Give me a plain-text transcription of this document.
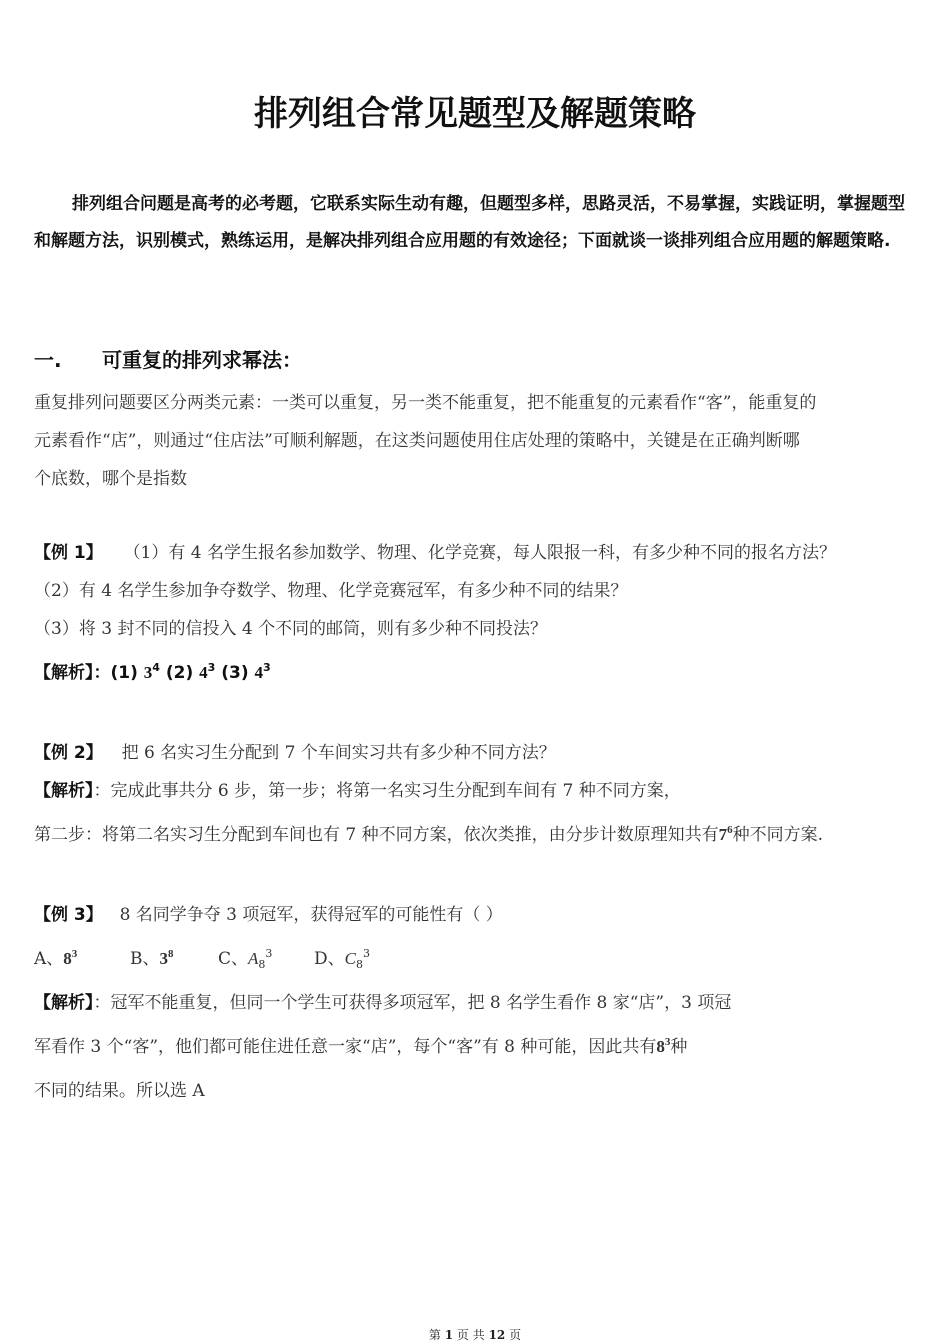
排列组合常见题型及解题策略

排列组合问题是高考的必考题，它联系实际生动有趣，但题型多样，思路灵活，不易掌握，实践证明，掌握题型和解题方法，识别模式，熟练运用，是解决排列组合应用题的有效途径；下面就谈一谈排列组合应用题的解题策略.

一. 可重复的排列求幂法：
重复排列问题要区分两类元素：一类可以重复，另一类不能重复，把不能重复的元素看作“客”，能重复的
元素看作“店”，则通过“住店法”可顺利解题，在这类问题使用住店处理的策略中，关键是在正确判断哪
个底数，哪个是指数
【例 1】 （1）有 4 名学生报名参加数学、物理、化学竞赛，每人限报一科，有多少种不同的报名方法？
（2）有 4 名学生参加争夺数学、物理、化学竞赛冠军，有多少种不同的结果？
（3）将 3 封不同的信投入 4 个不同的邮筒，则有多少种不同投法？
【解析】：(1) $3^4$ (2) $4^3$ (3) $4^3$
【例 2】 把 6 名实习生分配到 7 个车间实习共有多少种不同方法？
【解析】：完成此事共分 6 步，第一步；将第一名实习生分配到车间有 7 种不同方案，
第二步：将第二名实习生分配到车间也有 7 种不同方案，依次类推，由分步计数原理知共有$7^6$种不同方案.
【例 3】 8 名同学争夺 3 项冠军，获得冠军的可能性有（ ）
A、$8^3$	B、$3^8$	C、$A_8^3$ D、$C_8^3$
【解析】：冠军不能重复，但同一个学生可获得多项冠军，把 8 名学生看作 8 家“店”，3 项冠
军看作 3 个“客”，他们都可能住进任意一家“店”，每个“客”有 8 种可能，因此共有$8^3$种
不同的结果。所以选 A
第 1 页 共 12 页
